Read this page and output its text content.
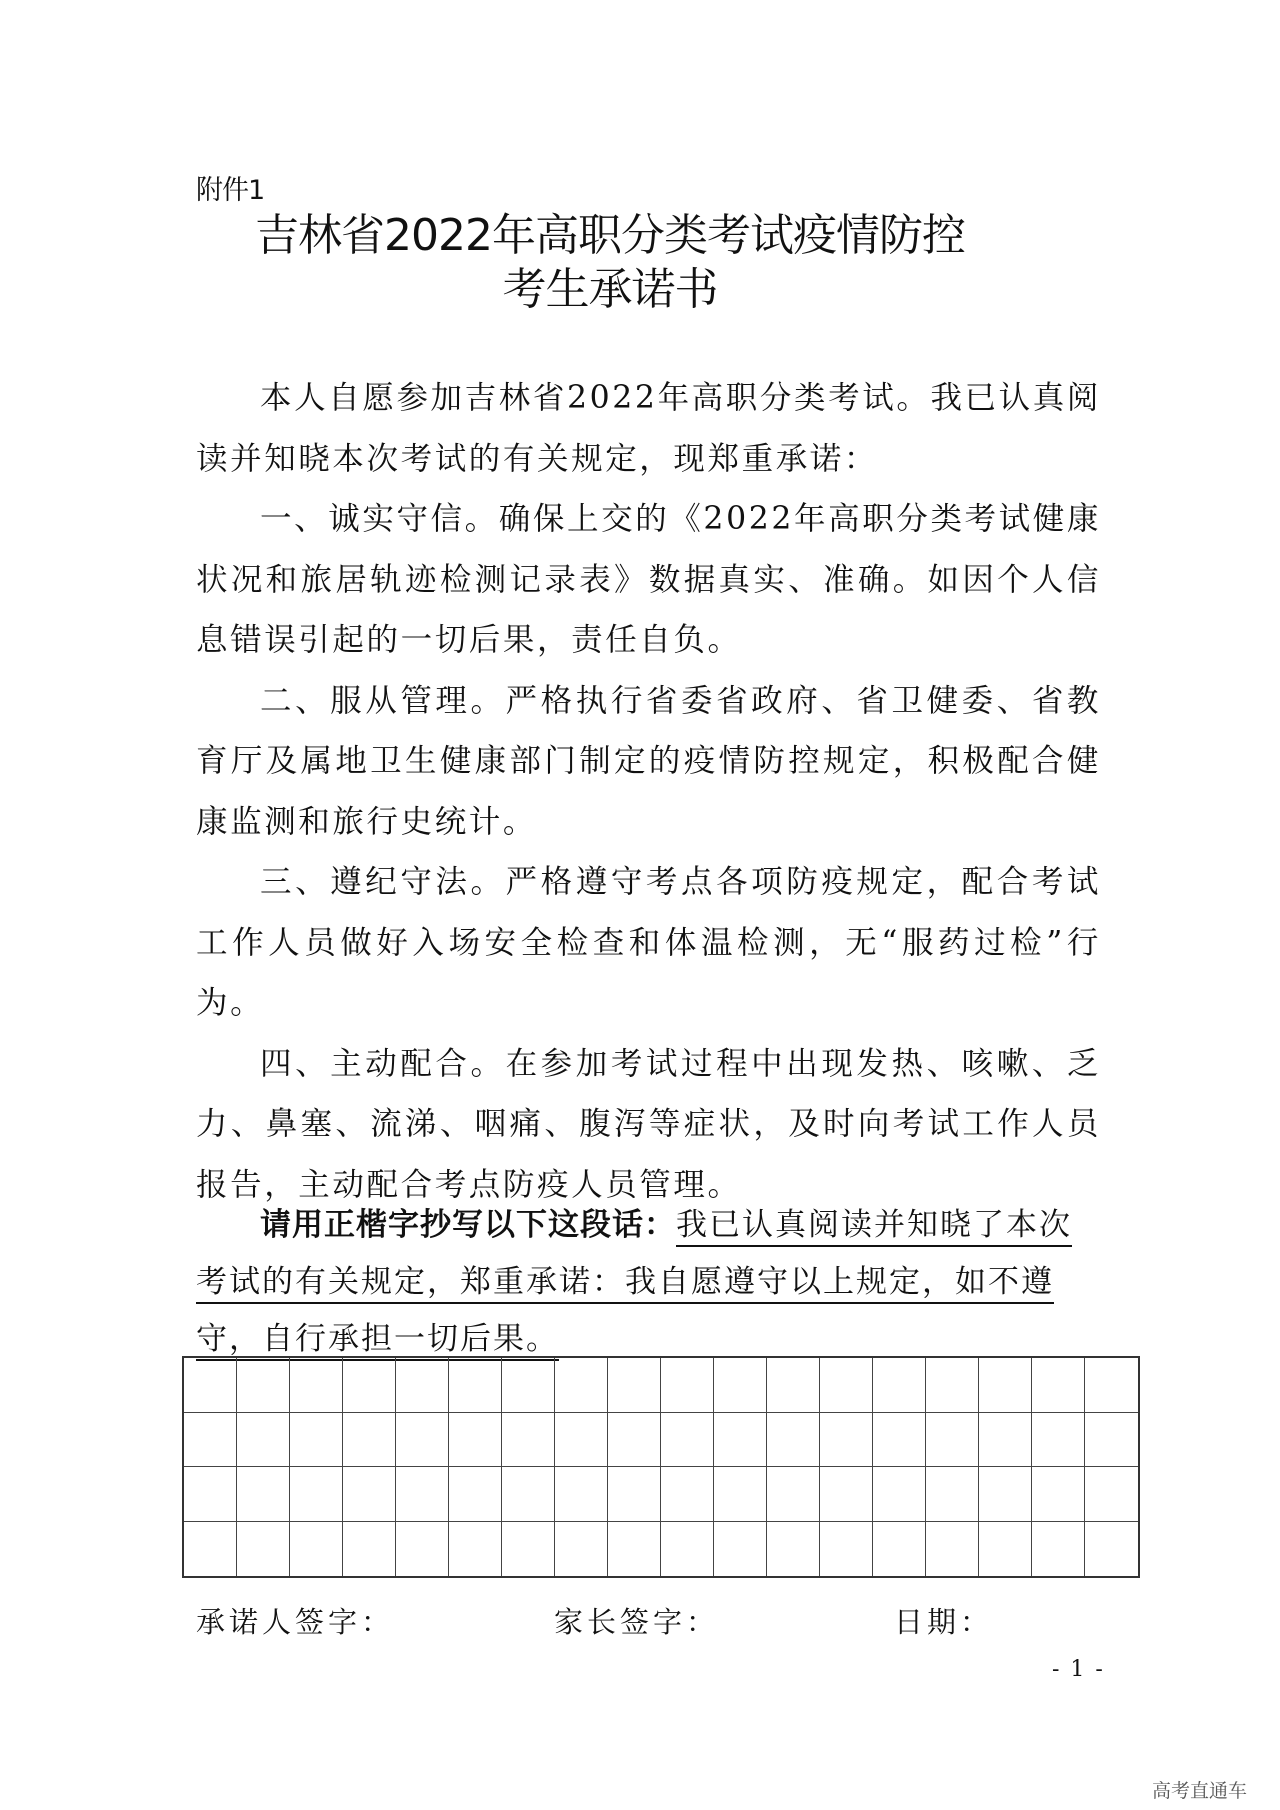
附件1
吉林省2022年高职分类考试疫情防控
考生承诺书

本人自愿参加吉林省2022年高职分类考试。我已认真阅读并知晓本次考试的有关规定，现郑重承诺：

一、诚实守信。确保上交的《2022年高职分类考试健康状况和旅居轨迹检测记录表》数据真实、准确。如因个人信息错误引起的一切后果，责任自负。

二、服从管理。严格执行省委省政府、省卫健委、省教育厅及属地卫生健康部门制定的疫情防控规定，积极配合健康监测和旅行史统计。

三、遵纪守法。严格遵守考点各项防疫规定，配合考试工作人员做好入场安全检查和体温检测，无“服药过检”行为。

四、主动配合。在参加考试过程中出现发热、咳嗽、乏力、鼻塞、流涕、咽痛、腹泻等症状，及时向考试工作人员报告，主动配合考点防疫人员管理。

请用正楷字抄写以下这段话：我已认真阅读并知晓了本次考试的有关规定，郑重承诺：我自愿遵守以上规定，如不遵守，自行承担一切后果。
承诺人签字：	家长签字：	日期：
- 1 -
高考直通车
